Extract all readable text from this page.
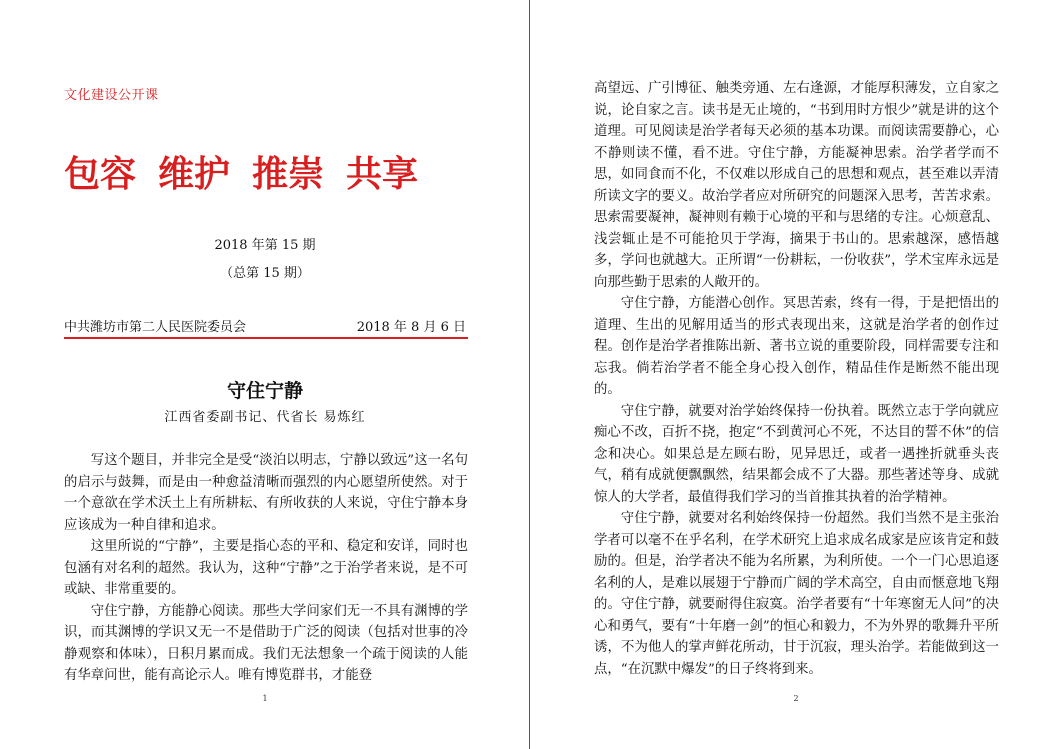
文化建设公开课
包容 维护 推崇 共享
2018 年第 15 期
（总第 15 期）
中共潍坊市第二人民医院委员会	2018 年 8 月 6 日
守住宁静
江西省委副书记、代省长 易炼红

写这个题目，并非完全是受“淡泊以明志，宁静以致远”这一名句的启示与鼓舞，而是由一种愈益清晰而强烈的内心愿望所使然。对于一个意欲在学术沃土上有所耕耘、有所收获的人来说，守住宁静本身应该成为一种自律和追求。

这里所说的“宁静”，主要是指心态的平和、稳定和安详，同时也包涵有对名利的超然。我认为，这种“宁静”之于治学者来说，是不可或缺、非常重要的。

守住宁静，方能静心阅读。那些大学问家们无一不具有渊博的学识，而其渊博的学识又无一不是借助于广泛的阅读（包括对世事的冷静观察和体味），日积月累而成。我们无法想象一个疏于阅读的人能有华章问世，能有高论示人。唯有博览群书，才能登

1

高望远、广引博征、触类旁通、左右逢源，才能厚积薄发，立自家之说，论自家之言。读书是无止境的，“书到用时方恨少”就是讲的这个道理。可见阅读是治学者每天必须的基本功课。而阅读需要静心，心不静则读不懂，看不进。守住宁静，方能凝神思索。治学者学而不思，如同食而不化，不仅难以形成自己的思想和观点，甚至难以弄清所读文字的要义。故治学者应对所研究的问题深入思考，苦苦求索。思索需要凝神，凝神则有赖于心境的平和与思绪的专注。心烦意乱、浅尝辄止是不可能抢贝于学海，摘果于书山的。思索越深，感悟越多，学问也就越大。正所谓“一份耕耘，一份收获”，学术宝库永远是向那些勤于思索的人敞开的。

守住宁静，方能潜心创作。冥思苦索，终有一得，于是把悟出的道理、生出的见解用适当的形式表现出来，这就是治学者的创作过程。创作是治学者推陈出新、著书立说的重要阶段，同样需要专注和忘我。倘若治学者不能全身心投入创作，精品佳作是断然不能出现的。

守住宁静，就要对治学始终保持一份执着。既然立志于学向就应痴心不改，百折不挠，抱定“不到黄河心不死，不达目的誓不休”的信念和决心。如果总是左顾右盼，见异思迁，或者一遇挫折就垂头丧气，稍有成就便飘飘然，结果都会成不了大器。那些著述等身、成就惊人的大学者，最值得我们学习的当首推其执着的治学精神。

守住宁静，就要对名利始终保持一份超然。我们当然不是主张治学者可以毫不在乎名利，在学术研究上追求成名成家是应该肯定和鼓励的。但是，治学者决不能为名所累，为利所使。一个一门心思追逐名利的人，是难以展翅于宁静而广阔的学术高空，自由而惬意地飞翔的。守住宁静，就要耐得住寂寞。治学者要有“十年寒窗无人问”的决心和勇气，要有“十年磨一剑”的恒心和毅力，不为外界的歌舞升平所诱，不为他人的掌声鲜花所动，甘于沉寂，理头治学。若能做到这一点，“在沉默中爆发”的日子终将到来。

2
